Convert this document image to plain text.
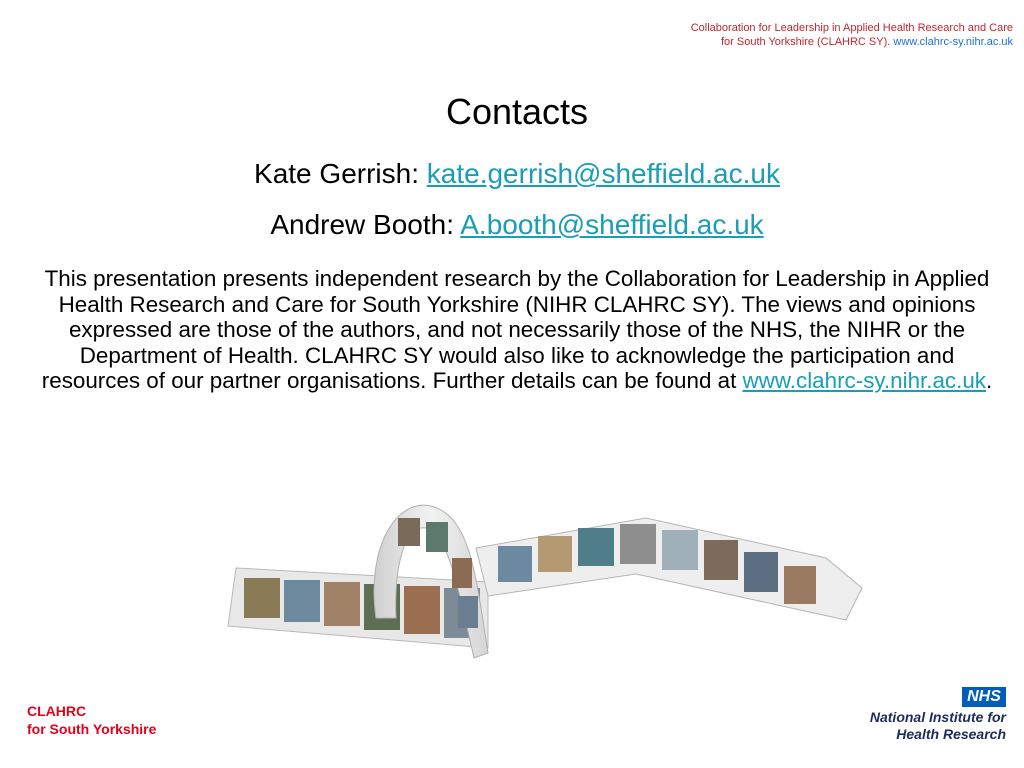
Collaboration for Leadership in Applied Health Research and Care
for South Yorkshire (CLAHRC SY). www.clahrc-sy.nihr.ac.uk
Contacts
Kate Gerrish: kate.gerrish@sheffield.ac.uk
Andrew Booth: A.booth@sheffield.ac.uk
This presentation presents independent research by the Collaboration for Leadership in Applied Health Research and Care for South Yorkshire (NIHR CLAHRC SY). The views and opinions expressed are those of the authors, and not necessarily those of the NHS, the NIHR or the Department of Health. CLAHRC SY would also like to acknowledge the participation and resources of our partner organisations. Further details can be found at www.clahrc-sy.nihr.ac.uk.
CLAHRC
for South Yorkshire
NHS
National Institute for
Health Research
